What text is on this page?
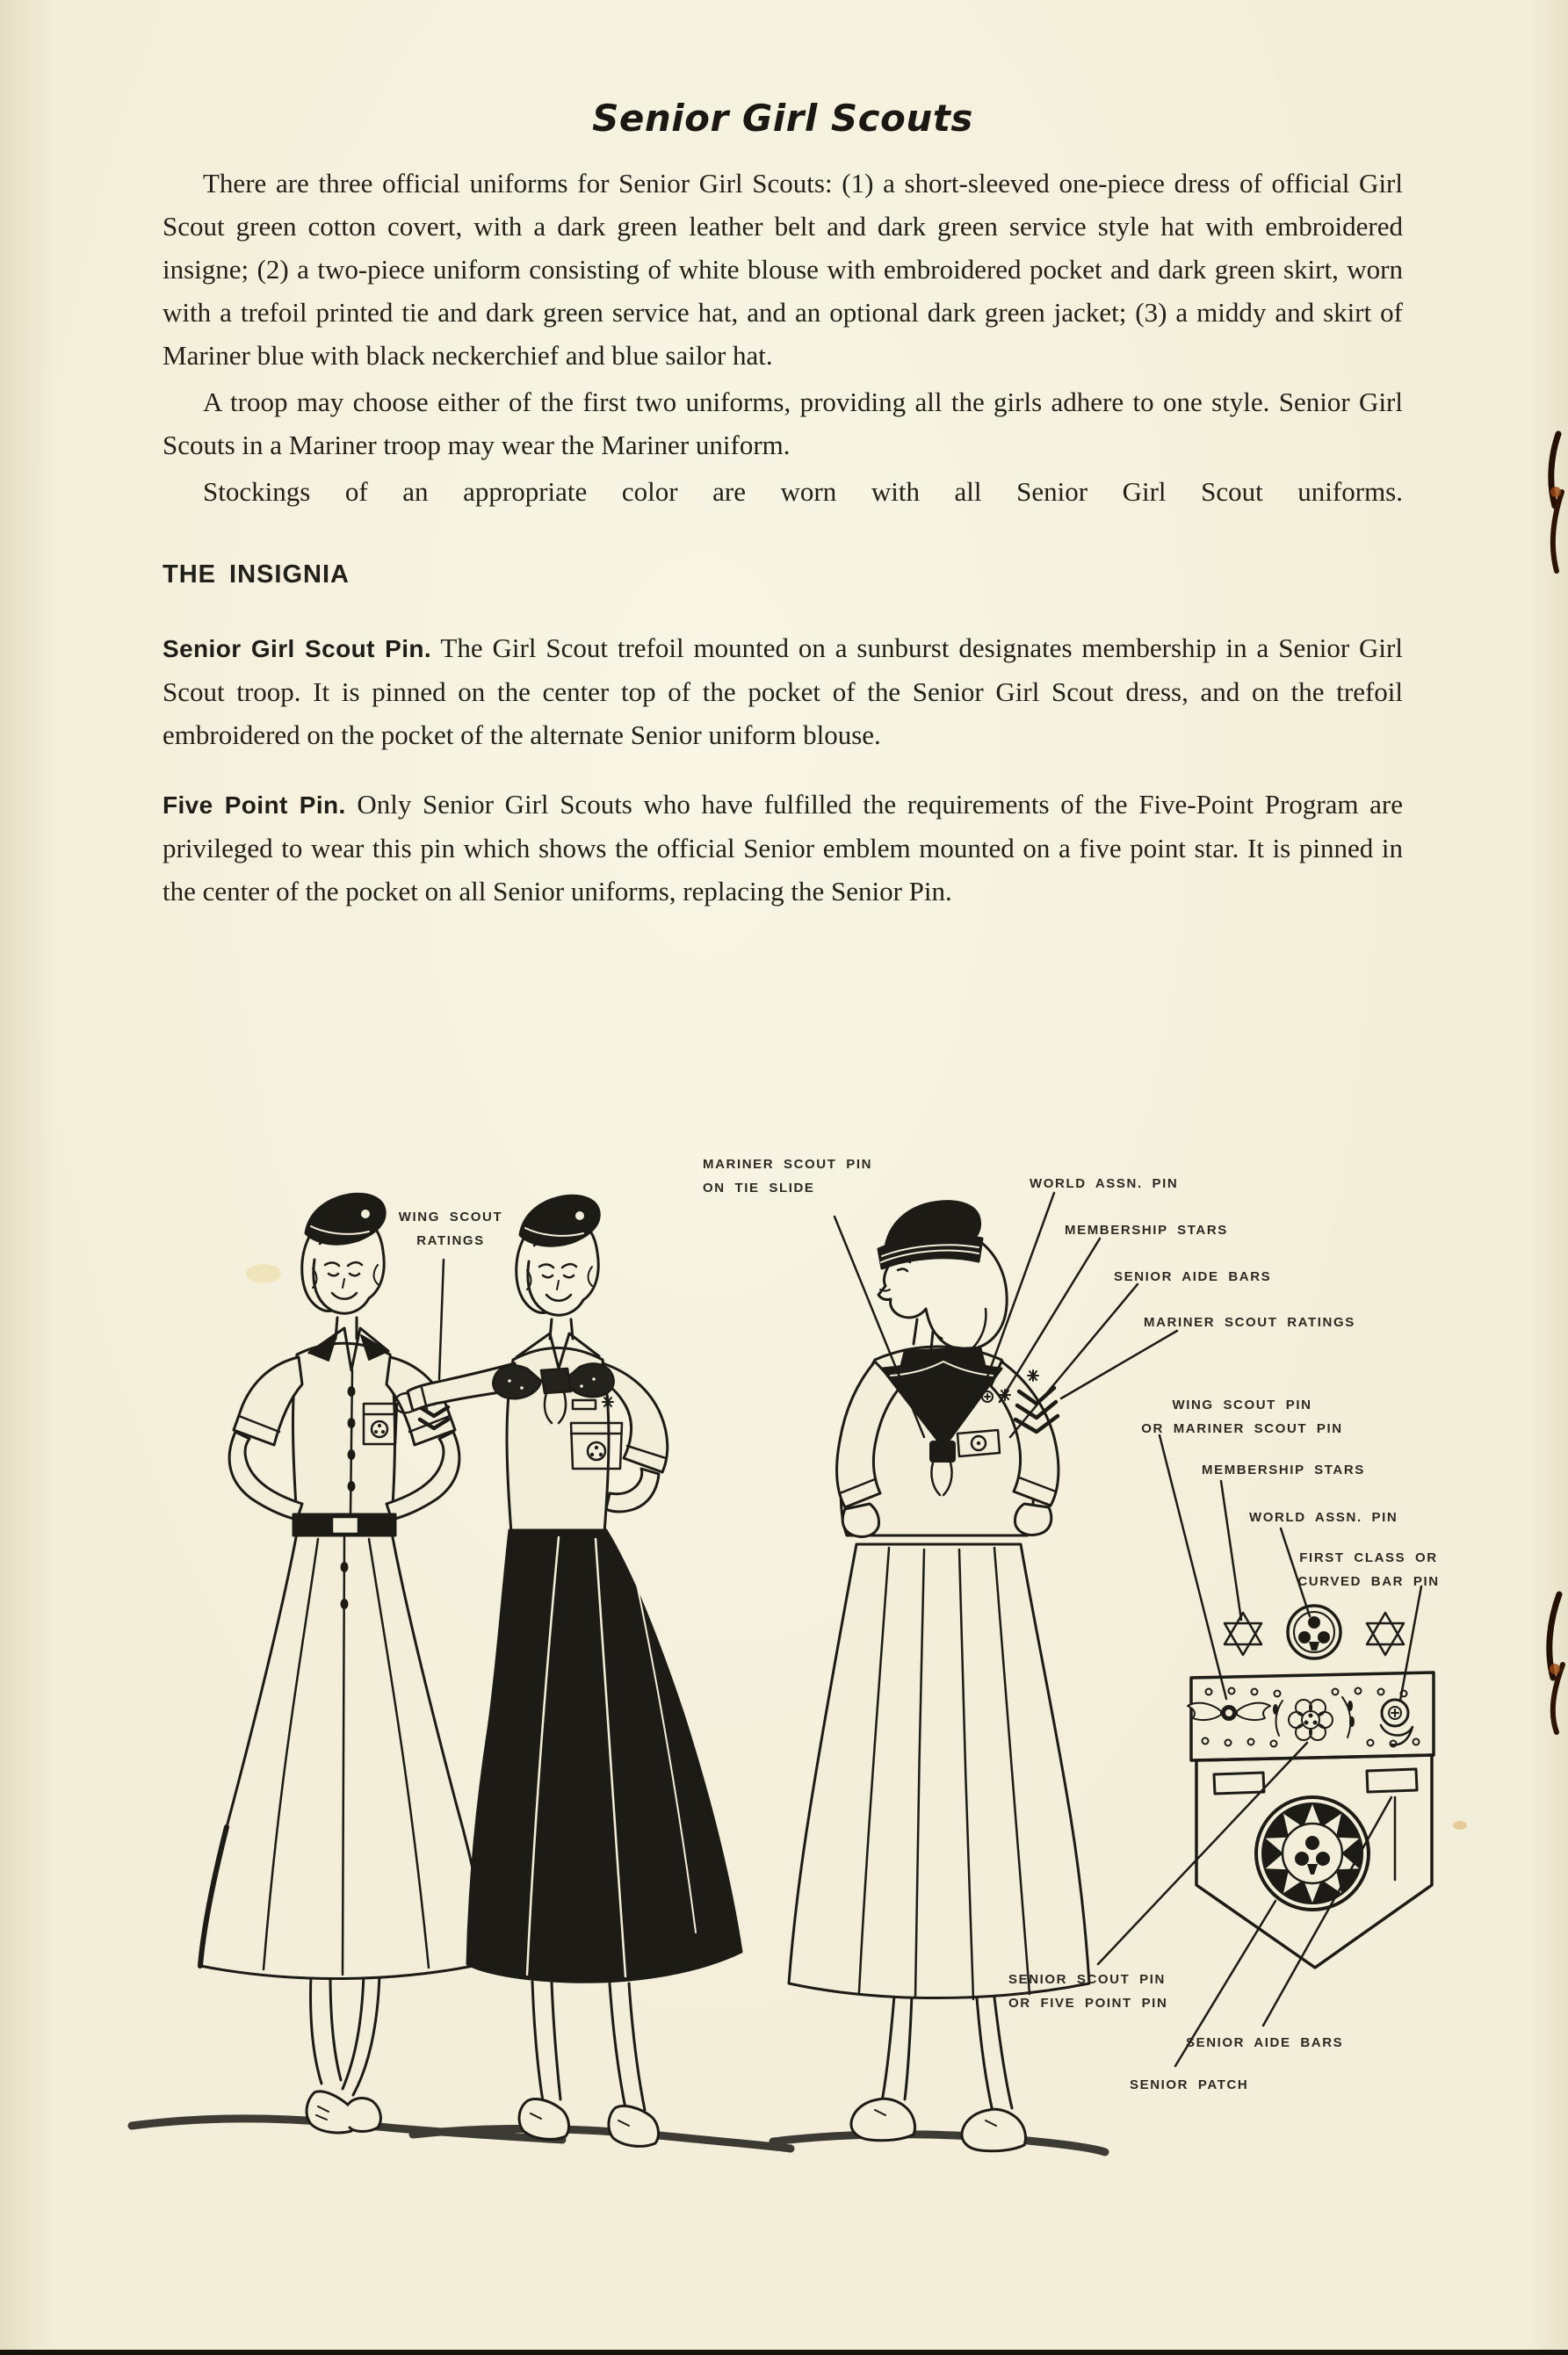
Senior Girl Scouts

There are three official uniforms for Senior Girl Scouts: (1) a short-sleeved one-piece dress of official Girl Scout green cotton covert, with a dark green leather belt and dark green service style hat with embroidered insigne; (2) a two-piece uniform consisting of white blouse with embroidered pocket and dark green skirt, worn with a trefoil printed tie and dark green service hat, and an optional dark green jacket; (3) a middy and skirt of Mariner blue with black neckerchief and blue sailor hat.

A troop may choose either of the first two uniforms, providing all the girls adhere to one style. Senior Girl Scouts in a Mariner troop may wear the Mariner uniform.

Stockings of an appropriate color are worn with all Senior Girl Scout uniforms.

THE INSIGNIA

Senior Girl Scout Pin. The Girl Scout trefoil mounted on a sunburst designates membership in a Senior Girl Scout troop. It is pinned on the center top of the pocket of the Senior Girl Scout dress, and on the trefoil embroidered on the pocket of the alternate Senior uniform blouse.

Five Point Pin. Only Senior Girl Scouts who have fulfilled the requirements of the Five-Point Program are privileged to wear this pin which shows the official Senior emblem mounted on a five point star. It is pinned in the center of the pocket on all Senior uniforms, replacing the Senior Pin.

WING SCOUT
RATINGS
MARINER SCOUT PIN
ON TIE SLIDE	WORLD ASSN. PIN
MEMBERSHIP STARS
SENIOR AIDE BARS
MARINER SCOUT RATINGS
WING SCOUT PIN
OR MARINER SCOUT PIN
MEMBERSHIP STARS
WORLD ASSN. PIN
FIRST CLASS OR
CURVED BAR PIN
SENIOR SCOUT PIN
OR FIVE POINT PIN
SENIOR AIDE BARS
SENIOR PATCH
